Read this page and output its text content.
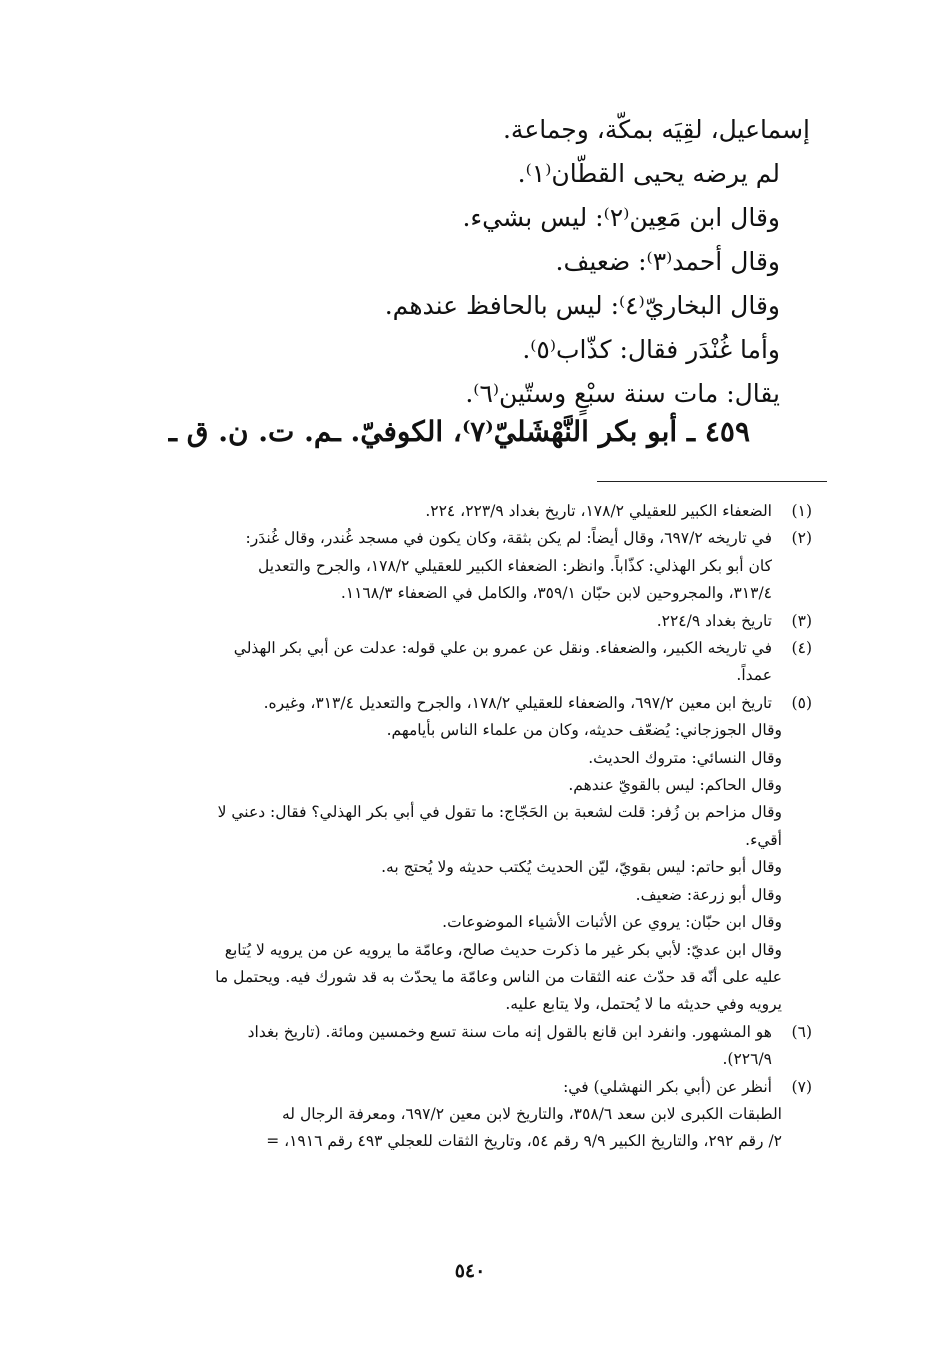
إسماعيل، لقِيَه بمكّة، وجماعة.
لم يرضه يحيى القطّان⁽١⁾.
وقال ابن مَعِين⁽٢⁾: ليس بشيء.
وقال أحمد⁽٣⁾: ضعيف.
وقال البخاريّ⁽٤⁾: ليس بالحافظ عندهم.
وأما غُنْدَر فقال: كذّاب⁽٥⁾.
يقال: مات سنة سبْعٍ وستّين⁽٦⁾.
٤٥٩ ـ أبو بكر النَّهْشَليّ⁽٧⁾، الكوفيّ. ـم. ت. ن. ق ـ
(١)
الضعفاء الكبير للعقيلي ١٧٨/٢، تاريخ بغداد ٢٢٣/٩، ٢٢٤.
(٢)
في تاريخه ٦٩٧/٢، وقال أيضاً: لم يكن بثقة، وكان يكون في مسجد غُندر، وقال غُندَر:
كان أبو بكر الهذلي: كذّاباً. وانظر: الضعفاء الكبير للعقيلي ١٧٨/٢، والجرح والتعديل
٣١٣/٤، والمجروحين لابن حبّان ٣٥٩/١، والكامل في الضعفاء ١١٦٨/٣.
(٣)
تاريخ بغداد ٢٢٤/٩.
(٤)
في تاريخه الكبير، والضعفاء. ونقل عن عمرو بن علي قوله: عدلت عن أبي بكر الهذلي
عمداً.
(٥)
تاريخ ابن معين ٦٩٧/٢، والضعفاء للعقيلي ١٧٨/٢، والجرح والتعديل ٣١٣/٤، وغيره.
وقال الجوزجاني: يُضعّف حديثه، وكان من علماء الناس بأيامهم.
وقال النسائي: متروك الحديث.
وقال الحاكم: ليس بالقويّ عندهم.
وقال مزاحم بن زُفر: قلت لشعبة بن الحَجّاج: ما تقول في أبي بكر الهذلي؟ فقال: دعني لا
أقيء.
وقال أبو حاتم: ليس بقويّ، ليّن الحديث يُكتب حديثه ولا يُحتج به.
وقال أبو زرعة: ضعيف.
وقال ابن حبّان: يروي عن الأثبات الأشياء الموضوعات.
وقال ابن عديّ: لأبي بكر غير ما ذكرت حديث صالح، وعامّة ما يرويه عن من يرويه لا يُتابع
عليه على أنّه قد حدّث عنه الثقات من الناس وعامّة ما يحدّث به قد شورك فيه. ويحتمل ما
يرويه وفي حديثه ما لا يُحتمل، ولا يتابع عليه.
(٦)
هو المشهور. وانفرد ابن قانع بالقول إنه مات سنة تسع وخمسين ومائة. (تاريخ بغداد
٢٢٦/٩).
(٧)
أنظر عن (أبي بكر النهشلي) في:
الطبقات الكبرى لابن سعد ٣٥٨/٦، والتاريخ لابن معين ٦٩٧/٢، ومعرفة الرجال له
٢/ رقم ٢٩٢، والتاريخ الكبير ٩/٩ رقم ٥٤، وتاريخ الثقات للعجلي ٤٩٣ رقم ١٩١٦، =
٥٤٠
